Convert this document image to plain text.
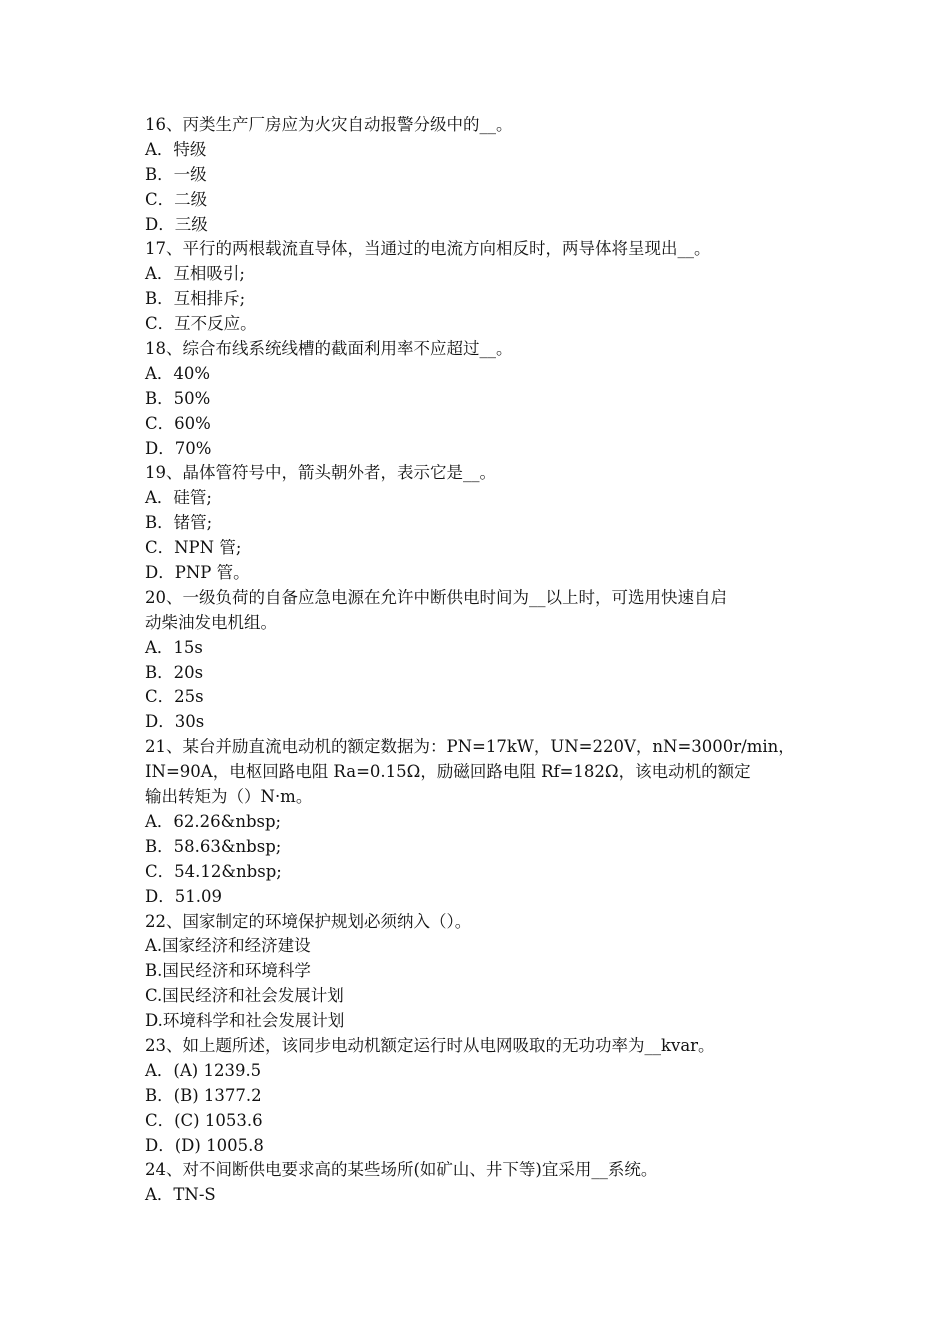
16、丙类生产厂房应为火灾自动报警分级中的__。
A．特级
B．一级
C．二级
D．三级
17、平行的两根载流直导体，当通过的电流方向相反时，两导体将呈现出__。
A．互相吸引;
B．互相排斥;
C．互不反应。
18、综合布线系统线槽的截面利用率不应超过__。
A．40%
B．50%
C．60%
D．70%
19、晶体管符号中，箭头朝外者，表示它是__。
A．硅管;
B．锗管;
C．NPN 管;
D．PNP 管。
20、一级负荷的自备应急电源在允许中断供电时间为__以上时，可选用快速自启
动柴油发电机组。
A．15s
B．20s
C．25s
D．30s
21、某台并励直流电动机的额定数据为：PN=17kW，UN=220V，nN=3000r/min，
IN=90A，电枢回路电阻 Ra=0.15Ω，励磁回路电阻 Rf=182Ω，该电动机的额定
输出转矩为（）N·m。
A．62.26&nbsp;
B．58.63&nbsp;
C．54.12&nbsp;
D．51.09
22、国家制定的环境保护规划必须纳入（）。
A.国家经济和经济建设
B.国民经济和环境科学
C.国民经济和社会发展计划
D.环境科学和社会发展计划
23、如上题所述，该同步电动机额定运行时从电网吸取的无功功率为__kvar。
A．(A) 1239.5
B．(B) 1377.2
C．(C) 1053.6
D．(D) 1005.8
24、对不间断供电要求高的某些场所(如矿山、井下等)宜采用__系统。
A．TN-S
